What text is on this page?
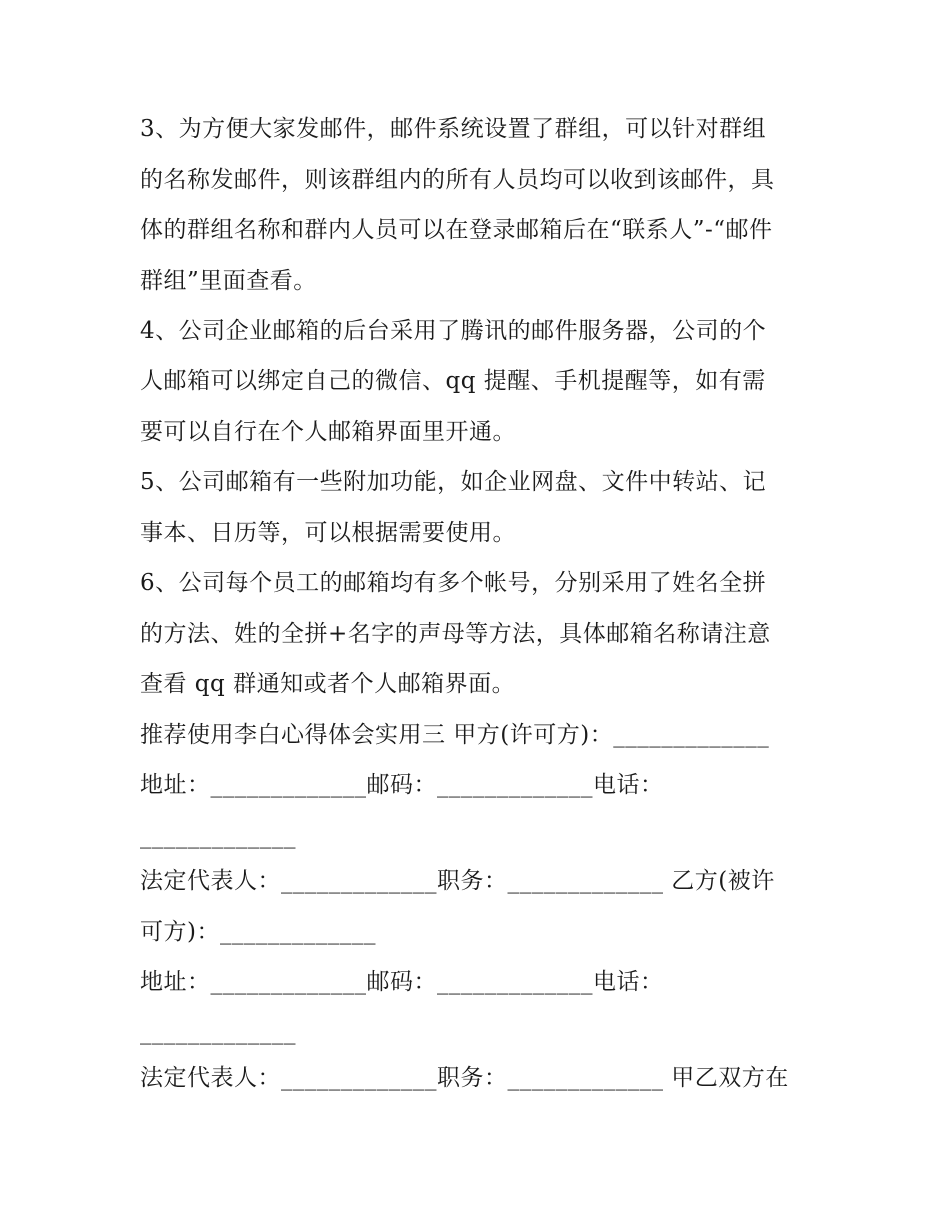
3、为方便大家发邮件，邮件系统设置了群组，可以针对群组
的名称发邮件，则该群组内的所有人员均可以收到该邮件，具
体的群组名称和群内人员可以在登录邮箱后在“联系人”-“邮件
群组”里面查看。
4、公司企业邮箱的后台采用了腾讯的邮件服务器，公司的个
人邮箱可以绑定自己的微信、qq 提醒、手机提醒等，如有需
要可以自行在个人邮箱界面里开通。
5、公司邮箱有一些附加功能，如企业网盘、文件中转站、记
事本、日历等，可以根据需要使用。
6、公司每个员工的邮箱均有多个帐号，分别采用了姓名全拼
的方法、姓的全拼+名字的声母等方法，具体邮箱名称请注意
查看 qq 群通知或者个人邮箱界面。
推荐使用李白心得体会实用三 甲方(许可方)：_____________
地址：_____________邮码：_____________电话：
_____________
法定代表人：_____________职务：_____________ 乙方(被许
可方)：_____________
地址：_____________邮码：_____________电话：
_____________
法定代表人：_____________职务：_____________ 甲乙双方在
